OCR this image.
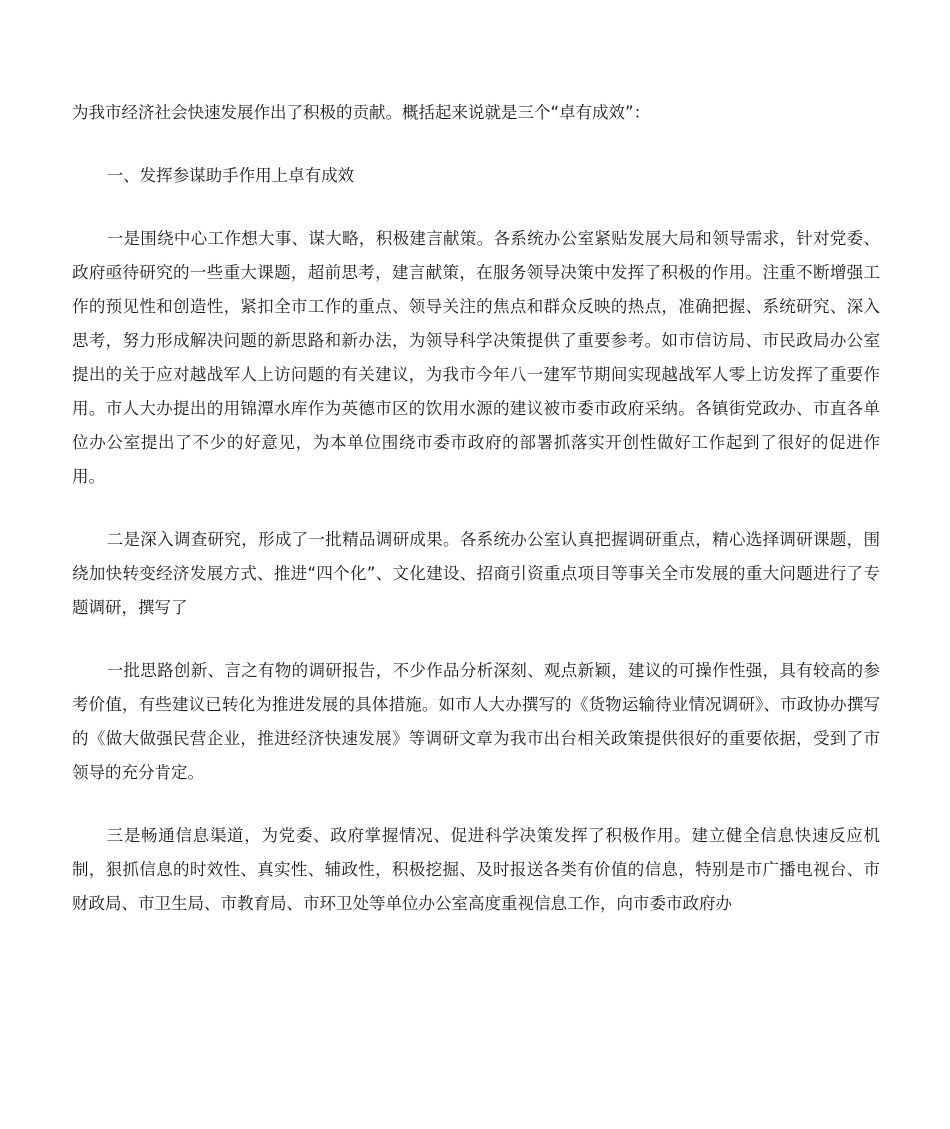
为我市经济社会快速发展作出了积极的贡献。概括起来说就是三个“卓有成效”：

一、发挥参谋助手作用上卓有成效

一是围绕中心工作想大事、谋大略，积极建言献策。各系统办公室紧贴发展大局和领导需求，针对党委、政府亟待研究的一些重大课题，超前思考，建言献策，在服务领导决策中发挥了积极的作用。注重不断增强工作的预见性和创造性，紧扣全市工作的重点、领导关注的焦点和群众反映的热点，准确把握、系统研究、深入思考，努力形成解决问题的新思路和新办法，为领导科学决策提供了重要参考。如市信访局、市民政局办公室提出的关于应对越战军人上访问题的有关建议，为我市今年八一建军节期间实现越战军人零上访发挥了重要作用。市人大办提出的用锦潭水库作为英德市区的饮用水源的建议被市委市政府采纳。各镇街党政办、市直各单位办公室提出了不少的好意见，为本单位围绕市委市政府的部署抓落实开创性做好工作起到了很好的促进作用。

二是深入调查研究，形成了一批精品调研成果。各系统办公室认真把握调研重点，精心选择调研课题，围绕加快转变经济发展方式、推进“四个化”、文化建设、招商引资重点项目等事关全市发展的重大问题进行了专题调研，撰写了

一批思路创新、言之有物的调研报告，不少作品分析深刻、观点新颖，建议的可操作性强，具有较高的参考价值，有些建议已转化为推进发展的具体措施。如市人大办撰写的《货物运输待业情况调研》、市政协办撰写的《做大做强民营企业，推进经济快速发展》等调研文章为我市出台相关政策提供很好的重要依据，受到了市领导的充分肯定。

三是畅通信息渠道，为党委、政府掌握情况、促进科学决策发挥了积极作用。建立健全信息快速反应机制，狠抓信息的时效性、真实性、辅政性，积极挖掘、及时报送各类有价值的信息，特别是市广播电视台、市财政局、市卫生局、市教育局、市环卫处等单位办公室高度重视信息工作，向市委市政府办
